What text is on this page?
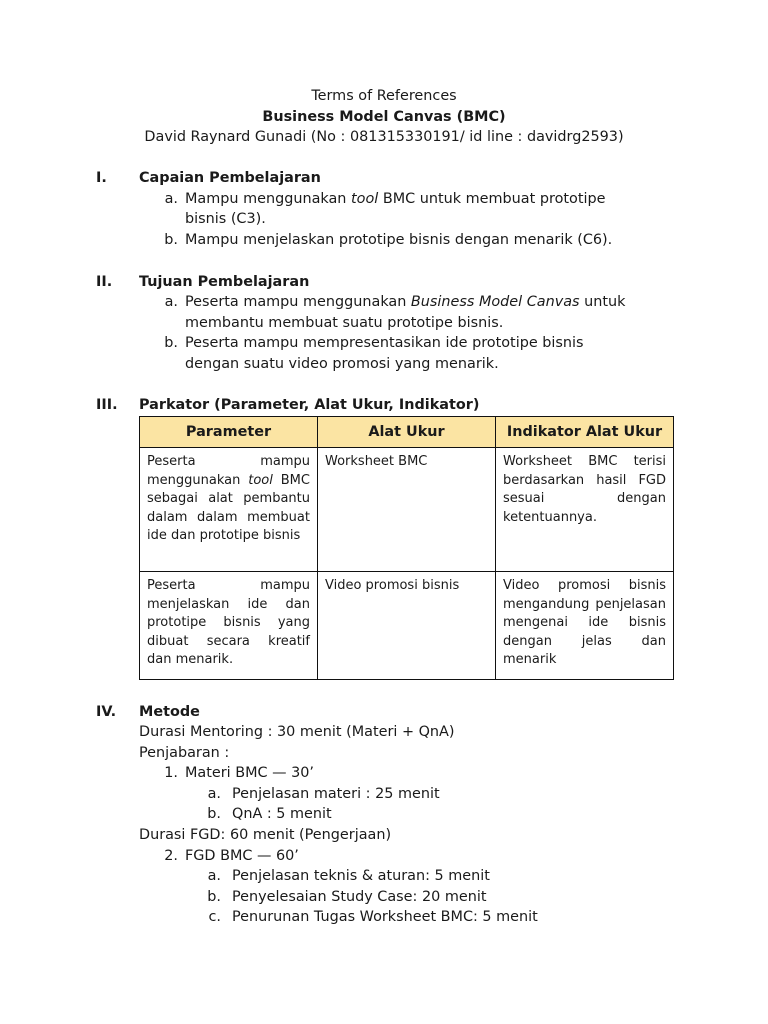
Terms of References
Business Model Canvas (BMC)
David Raynard Gunadi (No : 081315330191/ id line : davidrg2593)
I. Capaian Pembelajaran
a. Mampu menggunakan tool BMC untuk membuat prototipe
bisnis (C3).
b. Mampu menjelaskan prototipe bisnis dengan menarik (C6).
II. Tujuan Pembelajaran
a. Peserta mampu menggunakan Business Model Canvas untuk
membantu membuat suatu prototipe bisnis.
b. Peserta mampu mempresentasikan ide prototipe bisnis
dengan suatu video promosi yang menarik.
III. Parkator (Parameter, Alat Ukur, Indikator)
Parameter	Alat Ukur	Indikator Alat Ukur
Peserta mampu menggunakan tool BMC sebagai alat pembantu dalam dalam membuat ide dan prototipe bisnis	Worksheet BMC	Worksheet BMC terisi berdasarkan hasil FGD sesuai dengan ketentuannya.
Peserta mampu menjelaskan ide dan prototipe bisnis yang dibuat secara kreatif dan menarik.	Video promosi bisnis	Video promosi bisnis mengandung penjelasan mengenai ide bisnis dengan jelas dan menarik
IV. Metode
Durasi Mentoring : 30 menit (Materi + QnA)
Penjabaran :
1. Materi BMC — 30’
a. Penjelasan materi : 25 menit
b. QnA : 5 menit
Durasi FGD: 60 menit (Pengerjaan)
2. FGD BMC — 60’
a. Penjelasan teknis & aturan: 5 menit
b. Penyelesaian Study Case: 20 menit
c. Penurunan Tugas Worksheet BMC: 5 menit
